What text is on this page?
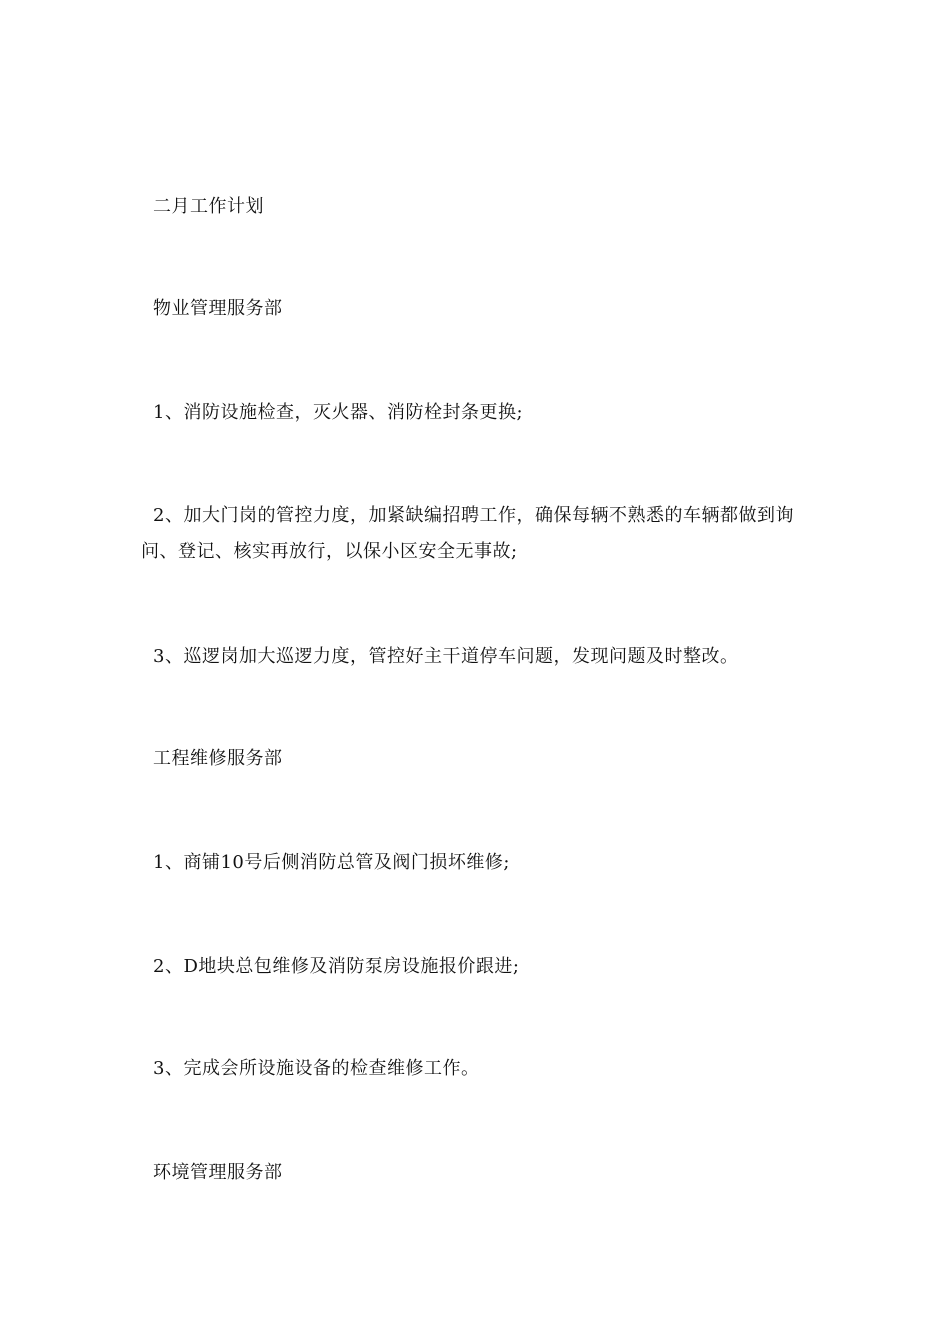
二月工作计划
物业管理服务部
1、消防设施检查，灭火器、消防栓封条更换;
2、加大门岗的管控力度，加紧缺编招聘工作，确保每辆不熟悉的车辆都做到询问、登记、核实再放行，以保小区安全无事故;
3、巡逻岗加大巡逻力度，管控好主干道停车问题，发现问题及时整改。
工程维修服务部
1、商铺10号后侧消防总管及阀门损坏维修;
2、D地块总包维修及消防泵房设施报价跟进;
3、完成会所设施设备的检查维修工作。
环境管理服务部
